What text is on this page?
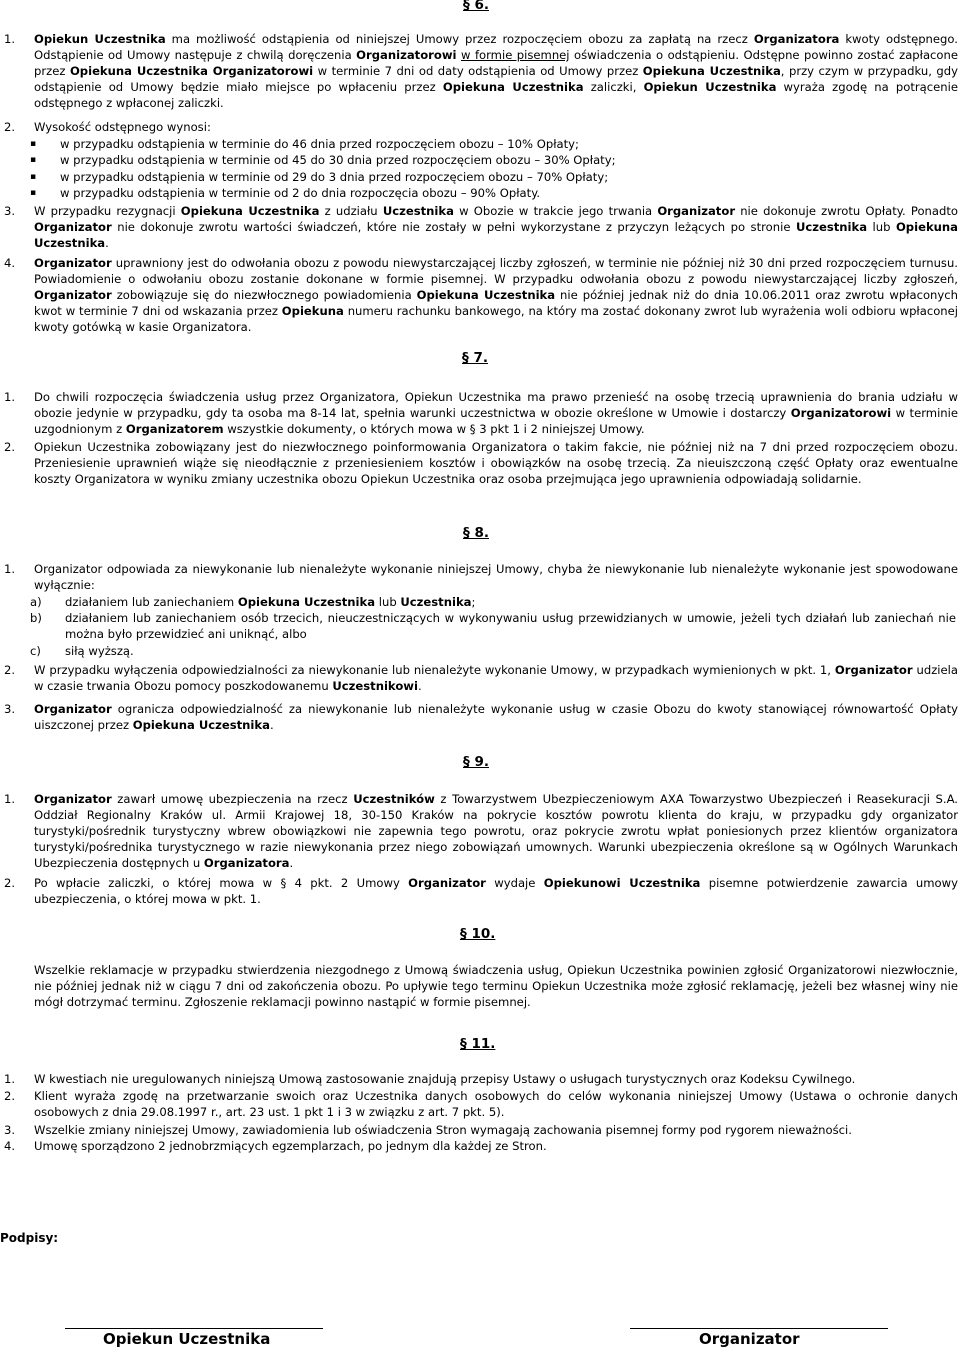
§ 6.
1. Opiekun Uczestnika ma możliwość odstąpienia od niniejszej Umowy przez rozpoczęciem obozu za zapłatą na rzecz Organizatora kwoty odstępnego. Odstąpienie od Umowy następuje z chwilą doręczenia Organizatorowi w formie pisemnej oświadczenia o odstąpieniu. Odstępne powinno zostać zapłacone przez Opiekuna Uczestnika Organizatorowi w terminie 7 dni od daty odstąpienia od Umowy przez Opiekuna Uczestnika, przy czym w przypadku, gdy odstąpienie od Umowy będzie miało miejsce po wpłaceniu przez Opiekuna Uczestnika zaliczki, Opiekun Uczestnika wyraża zgodę na potrącenie odstępnego z wpłaconej zaliczki.
2. Wysokość odstępnego wynosi:
▪ w przypadku odstąpienia w terminie do 46 dnia przed rozpoczęciem obozu – 10% Opłaty;
▪ w przypadku odstąpienia w terminie od 45 do 30 dnia przed rozpoczęciem obozu – 30% Opłaty;
▪ w przypadku odstąpienia w terminie od 29 do 3 dnia przed rozpoczęciem obozu – 70% Opłaty;
▪ w przypadku odstąpienia w terminie od 2 do dnia rozpoczęcia obozu – 90% Opłaty.
3. W przypadku rezygnacji Opiekuna Uczestnika z udziału Uczestnika w Obozie w trakcie jego trwania Organizator nie dokonuje zwrotu Opłaty. Ponadto Organizator nie dokonuje zwrotu wartości świadczeń, które nie zostały w pełni wykorzystane z przyczyn leżących po stronie Uczestnika lub Opiekuna Uczestnika.
4. Organizator uprawniony jest do odwołania obozu z powodu niewystarczającej liczby zgłoszeń, w terminie nie później niż 30 dni przed rozpoczęciem turnusu. Powiadomienie o odwołaniu obozu zostanie dokonane w formie pisemnej. W przypadku odwołania obozu z powodu niewystarczającej liczby zgłoszeń, Organizator zobowiązuje się do niezwłocznego powiadomienia Opiekuna Uczestnika nie później jednak niż do dnia 10.06.2011 oraz zwrotu wpłaconych kwot w terminie 7 dni od wskazania przez Opiekuna numeru rachunku bankowego, na który ma zostać dokonany zwrot lub wyrażenia woli odbioru wpłaconej kwoty gotówką w kasie Organizatora.
§ 7.
1. Do chwili rozpoczęcia świadczenia usług przez Organizatora, Opiekun Uczestnika ma prawo przenieść na osobę trzecią uprawnienia do brania udziału w obozie jedynie w przypadku, gdy ta osoba ma 8-14 lat, spełnia warunki uczestnictwa w obozie określone w Umowie i dostarczy Organizatorowi w terminie uzgodnionym z Organizatorem wszystkie dokumenty, o których mowa w § 3 pkt 1 i 2 niniejszej Umowy.
2. Opiekun Uczestnika zobowiązany jest do niezwłocznego poinformowania Organizatora o takim fakcie, nie później niż na 7 dni przed rozpoczęciem obozu. Przeniesienie uprawnień wiąże się nieodłącznie z przeniesieniem kosztów i obowiązków na osobę trzecią. Za nieuiszczoną część Opłaty oraz ewentualne koszty Organizatora w wyniku zmiany uczestnika obozu Opiekun Uczestnika oraz osoba przejmująca jego uprawnienia odpowiadają solidarnie.
§ 8.
1. Organizator odpowiada za niewykonanie lub nienależyte wykonanie niniejszej Umowy, chyba że niewykonanie lub nienależyte wykonanie jest spowodowane wyłącznie:
a) działaniem lub zaniechaniem Opiekuna Uczestnika lub Uczestnika;
b) działaniem lub zaniechaniem osób trzecich, nieuczestniczących w wykonywaniu usług przewidzianych w umowie, jeżeli tych działań lub zaniechań nie można było przewidzieć ani uniknąć, albo
c) siłą wyższą.
2. W przypadku wyłączenia odpowiedzialności za niewykonanie lub nienależyte wykonanie Umowy, w przypadkach wymienionych w pkt. 1, Organizator udziela w czasie trwania Obozu pomocy poszkodowanemu Uczestnikowi.
3. Organizator ogranicza odpowiedzialność za niewykonanie lub nienależyte wykonanie usług w czasie Obozu do kwoty stanowiącej równowartość Opłaty uiszczonej przez Opiekuna Uczestnika.
§ 9.
1. Organizator zawarł umowę ubezpieczenia na rzecz Uczestników z Towarzystwem Ubezpieczeniowym AXA Towarzystwo Ubezpieczeń i Reasekuracji S.A. Oddział Regionalny Kraków ul. Armii Krajowej 18, 30-150 Kraków na pokrycie kosztów powrotu klienta do kraju, w przypadku gdy organizator turystyki/pośrednik turystyczny wbrew obowiązkowi nie zapewnia tego powrotu, oraz pokrycie zwrotu wpłat poniesionych przez klientów organizatora turystyki/pośrednika turystycznego w razie niewykonania przez niego zobowiązań umownych. Warunki ubezpieczenia określone są w Ogólnych Warunkach Ubezpieczenia dostępnych u Organizatora.
2. Po wpłacie zaliczki, o której mowa w § 4 pkt. 2 Umowy Organizator wydaje Opiekunowi Uczestnika pisemne potwierdzenie zawarcia umowy ubezpieczenia, o której mowa w pkt. 1.
§ 10.
Wszelkie reklamacje w przypadku stwierdzenia niezgodnego z Umową świadczenia usług, Opiekun Uczestnika powinien zgłosić Organizatorowi niezwłocznie, nie później jednak niż w ciągu 7 dni od zakończenia obozu. Po upływie tego terminu Opiekun Uczestnika może zgłosić reklamację, jeżeli bez własnej winy nie mógł dotrzymać terminu. Zgłoszenie reklamacji powinno nastąpić w formie pisemnej.
§ 11.
1. W kwestiach nie uregulowanych niniejszą Umową zastosowanie znajdują przepisy Ustawy o usługach turystycznych oraz Kodeksu Cywilnego.
2. Klient wyraża zgodę na przetwarzanie swoich oraz Uczestnika danych osobowych do celów wykonania niniejszej Umowy (Ustawa o ochronie danych osobowych z dnia 29.08.1997 r., art. 23 ust. 1 pkt 1 i 3 w związku z art. 7 pkt. 5).
3. Wszelkie zmiany niniejszej Umowy, zawiadomienia lub oświadczenia Stron wymagają zachowania pisemnej formy pod rygorem nieważności.
4. Umowę sporządzono 2 jednobrzmiących egzemplarzach, po jednym dla każdej ze Stron.
Podpisy:
Opiekun Uczestnika	Organizator
